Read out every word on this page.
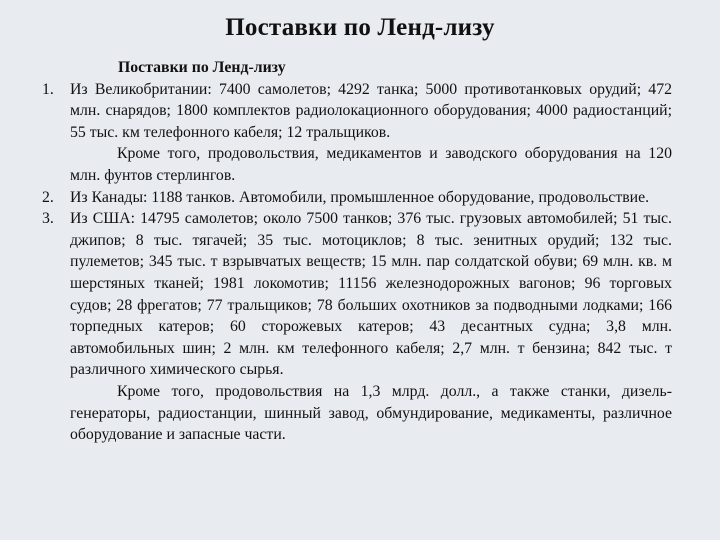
Поставки по Ленд-лизу

Поставки по Ленд-лизу

1. Из Великобритании: 7400 самолетов; 4292 танка; 5000 противотанковых орудий; 472 млн. снарядов; 1800 комплектов радиолокационного оборудования; 4000 радиостанций; 55 тыс. км телефонного кабеля; 12 тральщиков.

Кроме того, продовольствия, медикаментов и заводского оборудования на 120 млн. фунтов стерлингов.

2. Из Канады: 1188 танков. Автомобили, промышленное оборудование, продовольствие.

3. Из США: 14795 самолетов; около 7500 танков; 376 тыс. грузовых автомобилей; 51 тыс. джипов; 8 тыс. тягачей; 35 тыс. мотоциклов; 8 тыс. зенитных орудий; 132 тыс. пулеметов; 345 тыс. т взрывчатых веществ; 15 млн. пар солдатской обуви; 69 млн. кв. м шерстяных тканей; 1981 локомотив; 11156 железнодорожных вагонов; 96 торговых судов; 28 фрегатов; 77 тральщиков; 78 больших охотников за подводными лодками; 166 торпедных катеров; 60 сторожевых катеров; 43 десантных судна; 3,8 млн. автомобильных шин; 2 млн. км телефонного кабеля; 2,7 млн. т бензина; 842 тыс. т различного химического сырья.

Кроме того, продовольствия на 1,3 млрд. долл., а также станки, дизель-генераторы, радиостанции, шинный завод, обмундирование, медикаменты, различное оборудование и запасные части.
